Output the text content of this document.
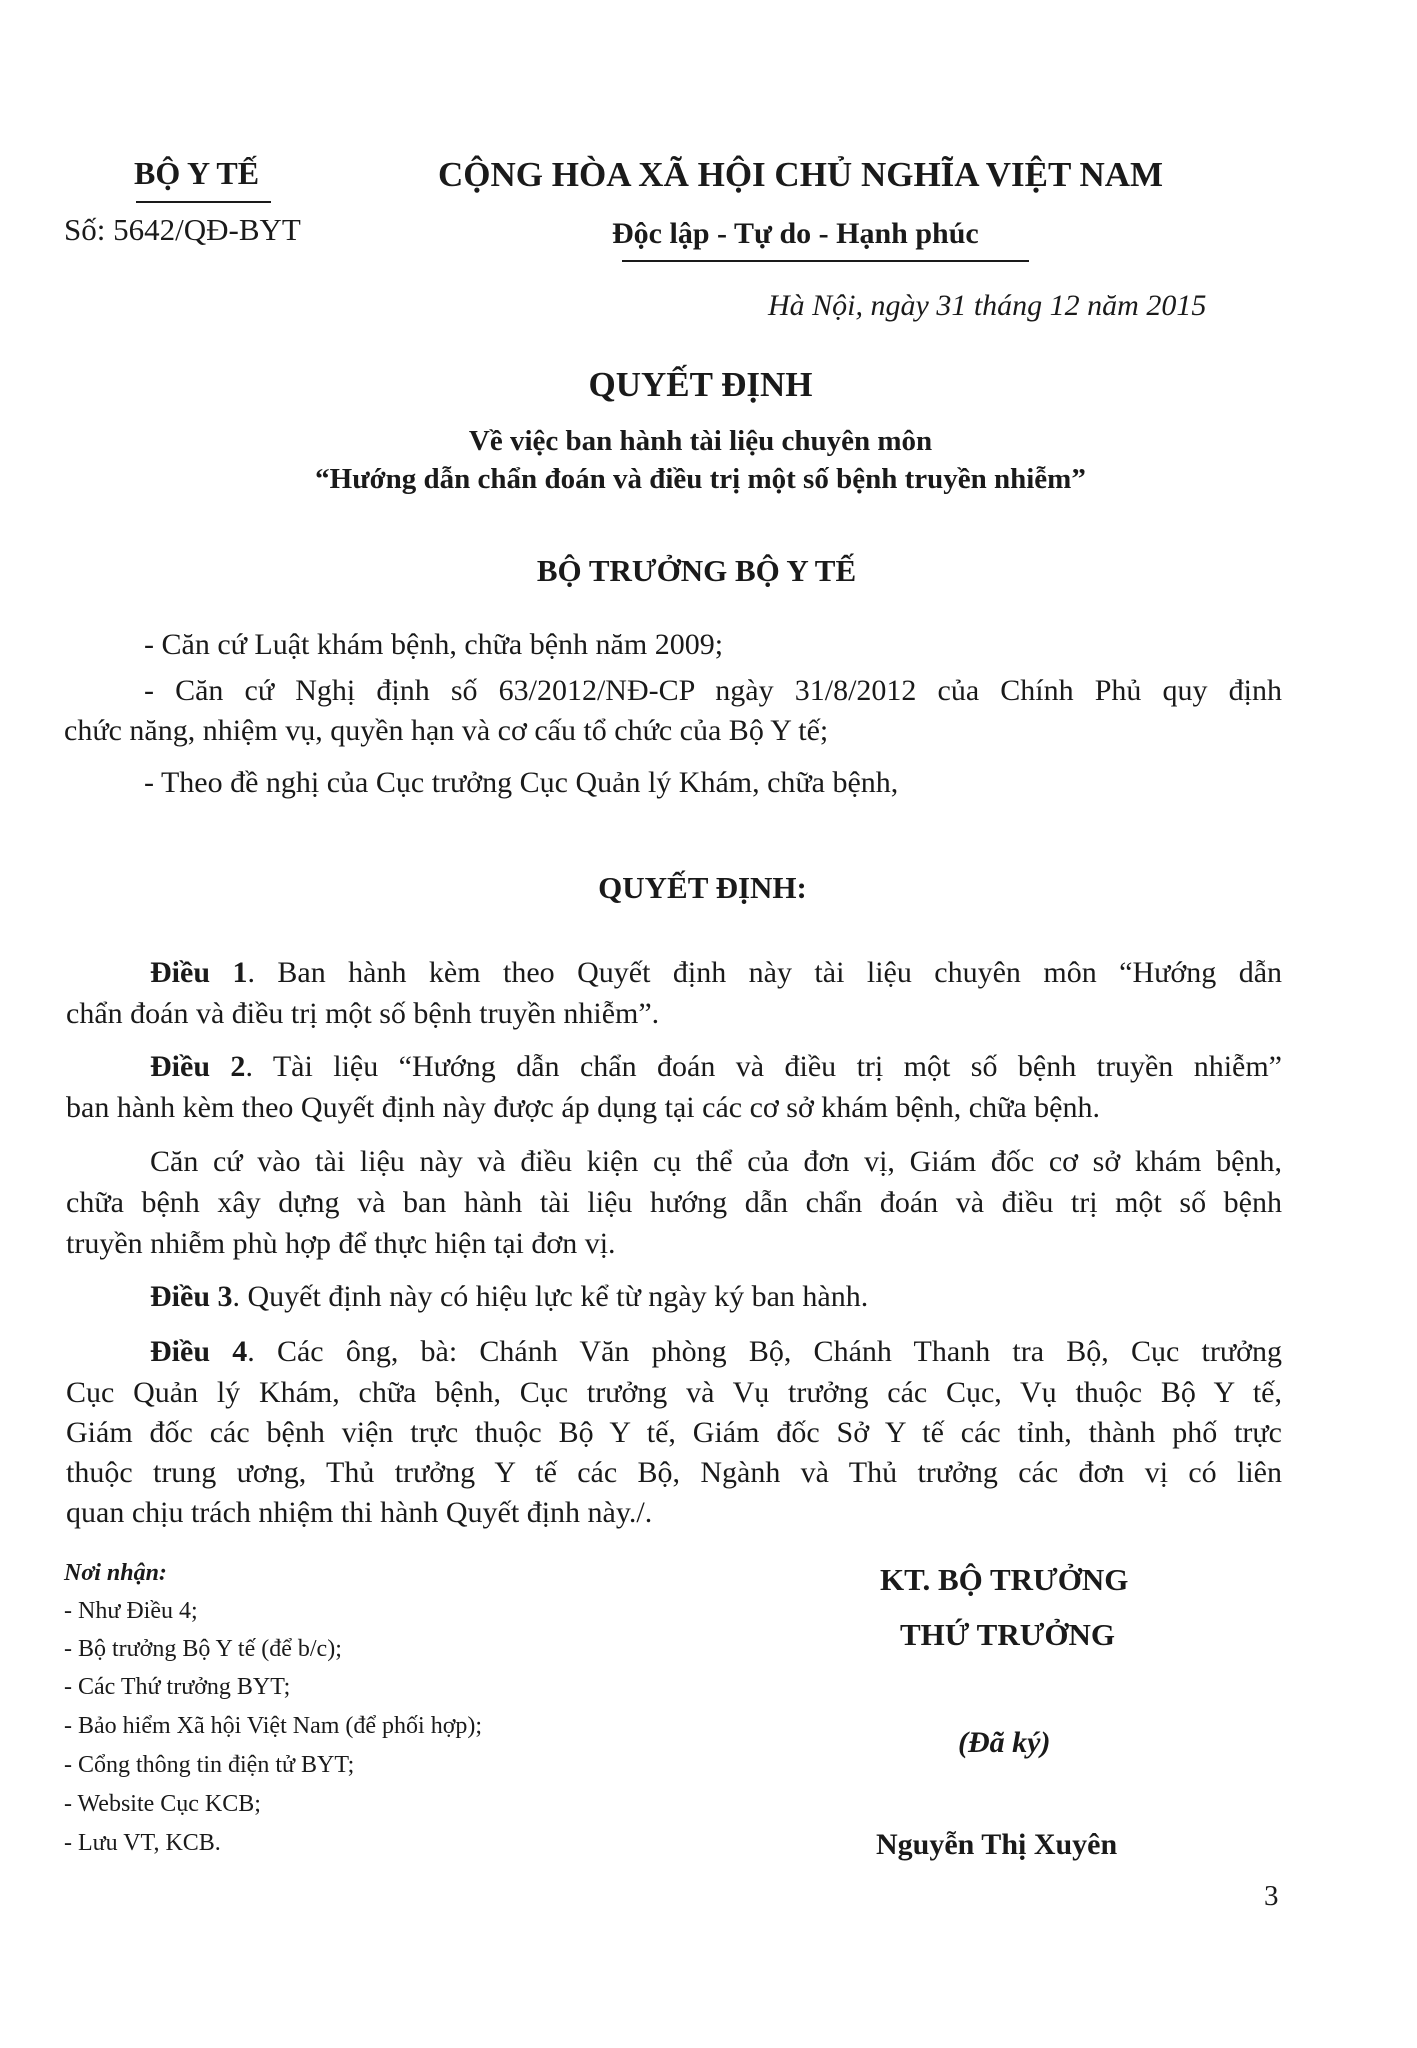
BỘ Y TẾ
Số: 5642/QĐ-BYT
CỘNG HÒA XÃ HỘI CHỦ NGHĨA VIỆT NAM
Độc lập - Tự do - Hạnh phúc
Hà Nội, ngày 31 tháng 12 năm 2015
QUYẾT ĐỊNH
Về việc ban hành tài liệu chuyên môn
“Hướng dẫn chẩn đoán và điều trị một số bệnh truyền nhiễm”
BỘ TRƯỞNG BỘ Y TẾ
- Căn cứ Luật khám bệnh, chữa bệnh năm 2009;
- Căn cứ Nghị định số 63/2012/NĐ-CP ngày 31/8/2012 của Chính Phủ quy định
chức năng, nhiệm vụ, quyền hạn và cơ cấu tổ chức của Bộ Y tế;
- Theo đề nghị của Cục trưởng Cục Quản lý Khám, chữa bệnh,
QUYẾT ĐỊNH:
Điều 1. Ban hành kèm theo Quyết định này tài liệu chuyên môn “Hướng dẫn
chẩn đoán và điều trị một số bệnh truyền nhiễm”.
Điều 2. Tài liệu “Hướng dẫn chẩn đoán và điều trị một số bệnh truyền nhiễm”
ban hành kèm theo Quyết định này được áp dụng tại các cơ sở khám bệnh, chữa bệnh.
Căn cứ vào tài liệu này và điều kiện cụ thể của đơn vị, Giám đốc cơ sở khám bệnh,
chữa bệnh xây dựng và ban hành tài liệu hướng dẫn chẩn đoán và điều trị một số bệnh
truyền nhiễm phù hợp để thực hiện tại đơn vị.
Điều 3. Quyết định này có hiệu lực kể từ ngày ký ban hành.
Điều 4. Các ông, bà: Chánh Văn phòng Bộ, Chánh Thanh tra Bộ, Cục trưởng
Cục Quản lý Khám, chữa bệnh, Cục trưởng và Vụ trưởng các Cục, Vụ thuộc Bộ Y tế,
Giám đốc các bệnh viện trực thuộc Bộ Y tế, Giám đốc Sở Y tế các tỉnh, thành phố trực
thuộc trung ương, Thủ trưởng Y tế các Bộ, Ngành và Thủ trưởng các đơn vị có liên
quan chịu trách nhiệm thi hành Quyết định này./.
Nơi nhận:
- Như Điều 4;
- Bộ trưởng Bộ Y tế (để b/c);
- Các Thứ trưởng BYT;
- Bảo hiểm Xã hội Việt Nam (để phối hợp);
- Cổng thông tin điện tử BYT;
- Website Cục KCB;
- Lưu VT, KCB.
KT. BỘ TRƯỞNG
THỨ TRƯỞNG
(Đã ký)
Nguyễn Thị Xuyên
3
